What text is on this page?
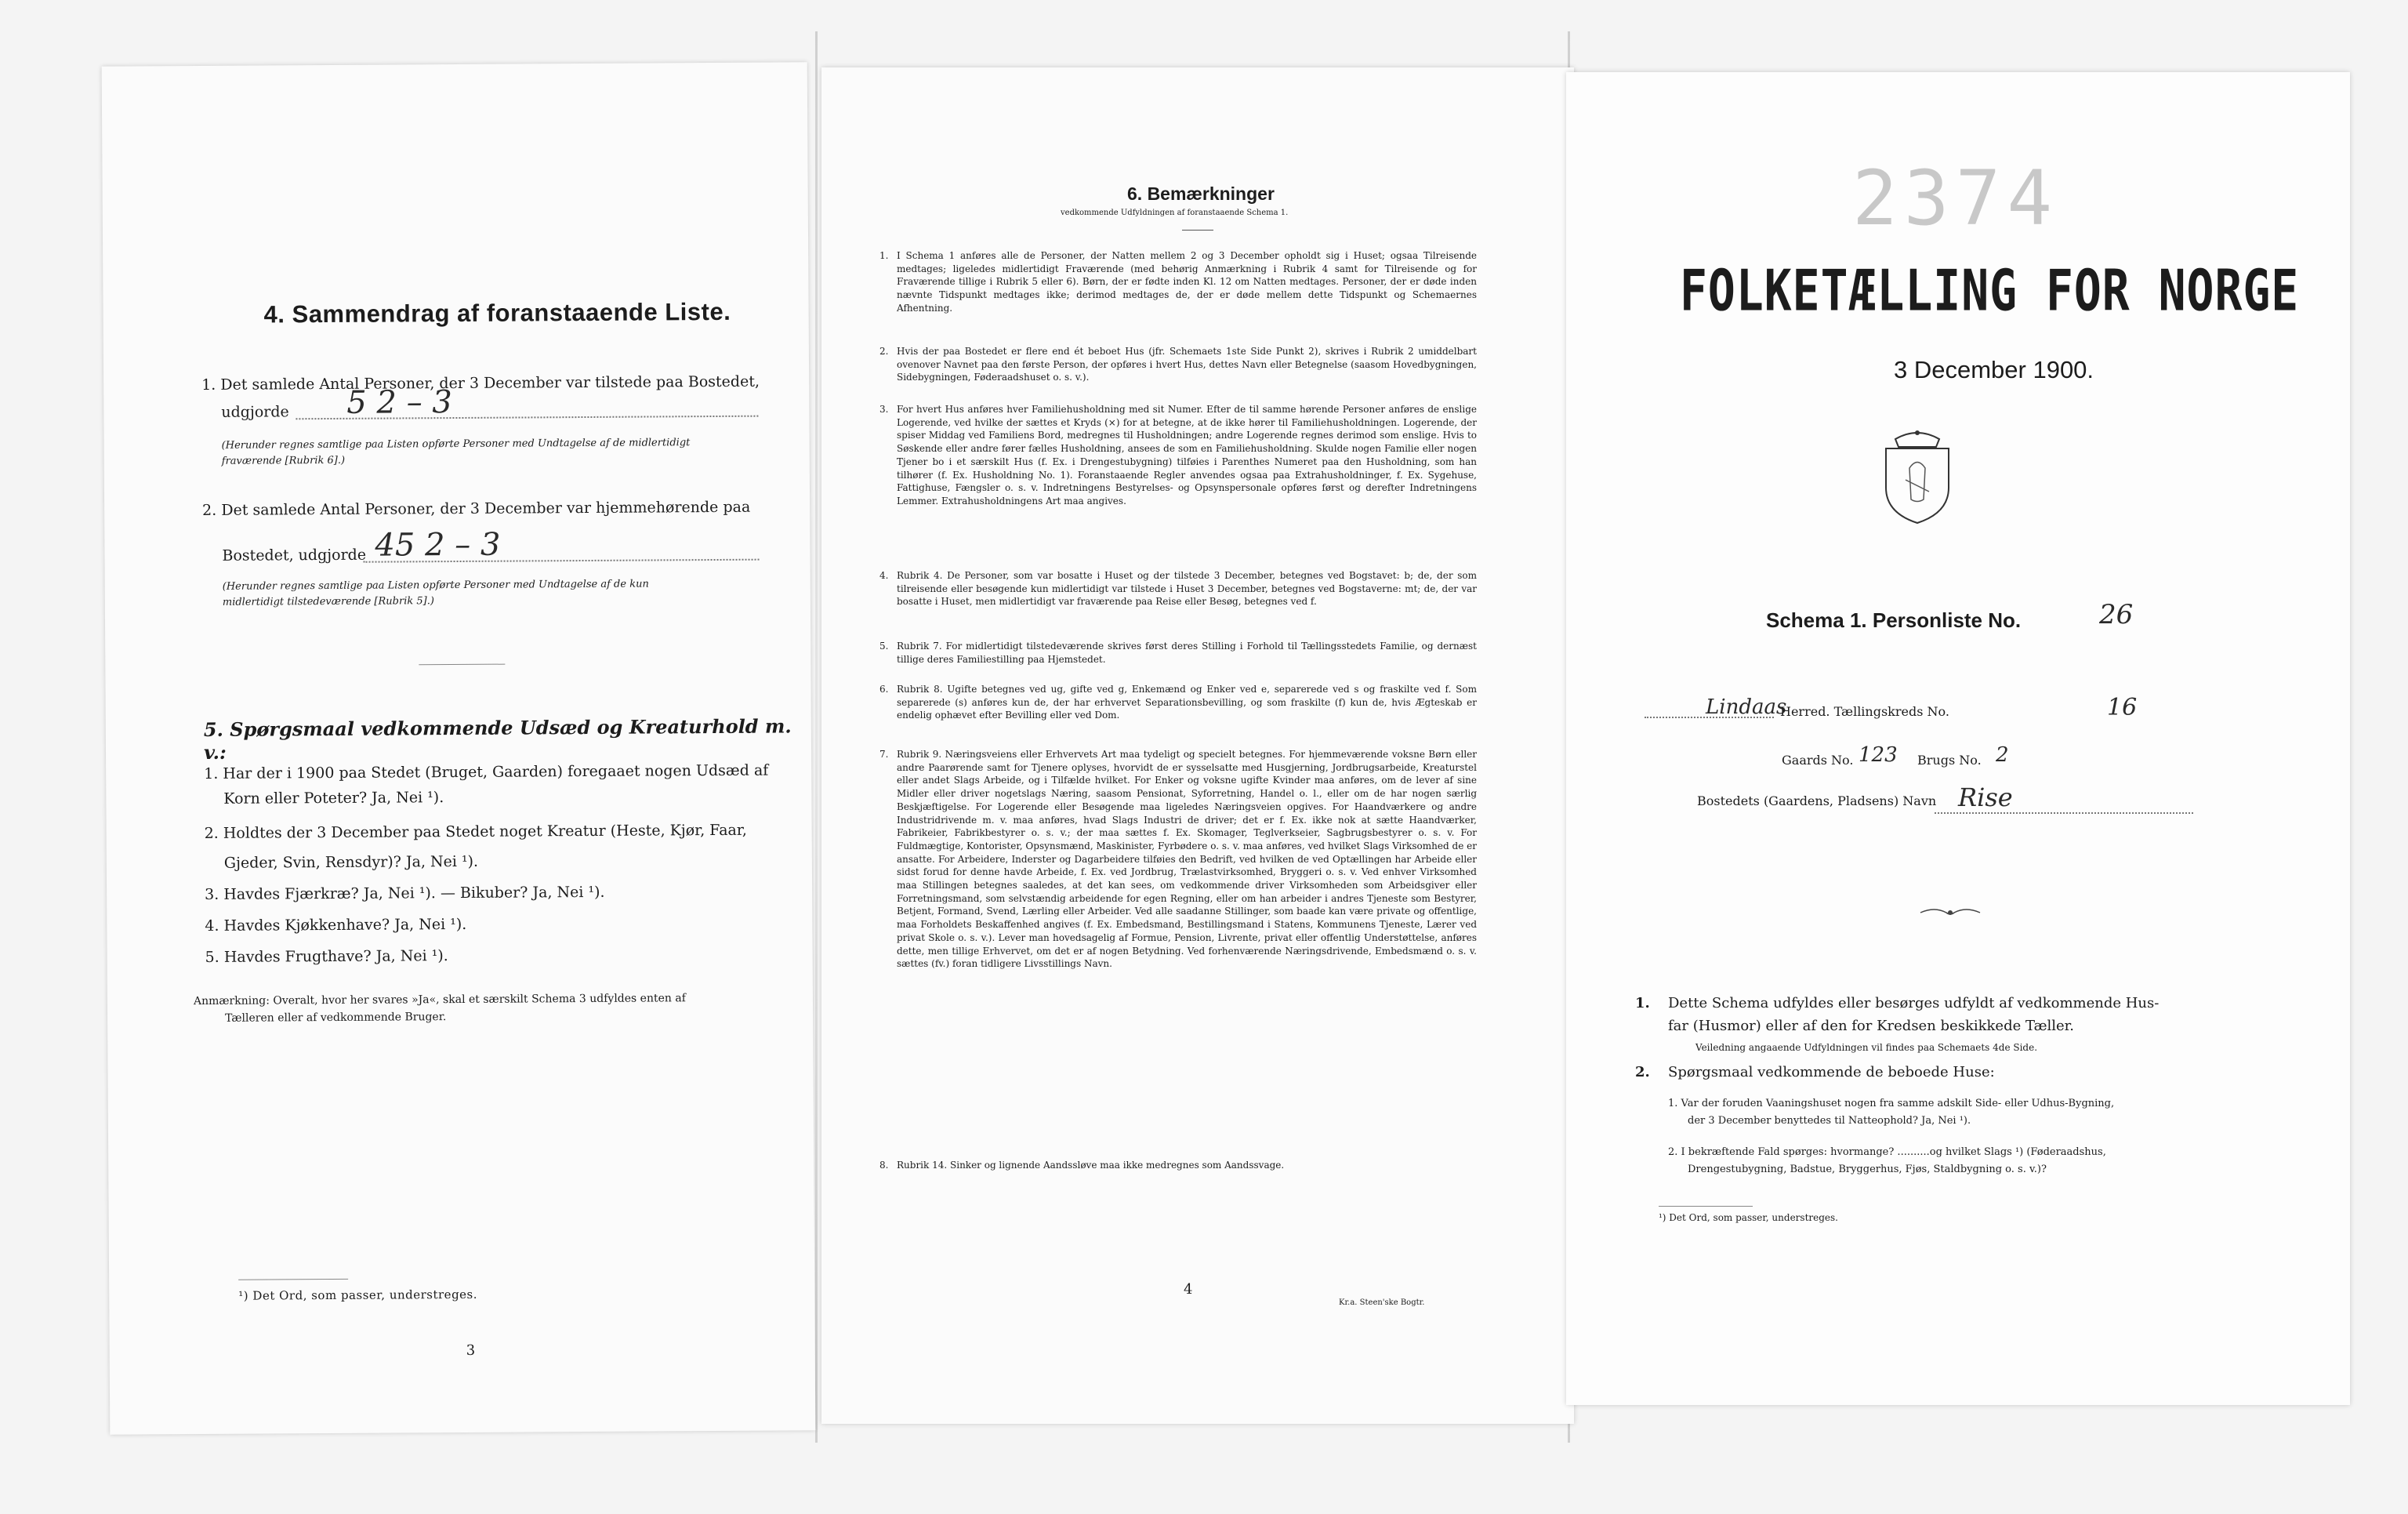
4. Sammendrag af foranstaaende Liste.
1. Det samlede Antal Personer, der 3 December var tilstede paa Bostedet,
udgjorde 5 2 – 3
(Herunder regnes samtlige paa Listen opførte Personer med Undtagelse af de midlertidigt
fraværende [Rubrik 6].)
2. Det samlede Antal Personer, der 3 December var hjemmehørende paa
Bostedet, udgjorde 45 2 – 3
(Herunder regnes samtlige paa Listen opførte Personer med Undtagelse af de kun
midlertidigt tilstedeværende [Rubrik 5].)
5. Spørgsmaal vedkommende Udsæd og Kreaturhold m. v.:
1. Har der i 1900 paa Stedet (Bruget, Gaarden) foregaaet nogen Udsæd af
Korn eller Poteter? Ja, Nei ¹).
2. Holdtes der 3 December paa Stedet noget Kreatur (Heste, Kjør, Faar,
Gjeder, Svin, Rensdyr)? Ja, Nei ¹).
3. Havdes Fjærkræ? Ja, Nei ¹). — Bikuber? Ja, Nei ¹).
4. Havdes Kjøkkenhave? Ja, Nei ¹).
5. Havdes Frugthave? Ja, Nei ¹).
Anmærkning: Overalt, hvor her svares »Ja«, skal et særskilt Schema 3 udfyldes enten af
Tælleren eller af vedkommende Bruger.
¹) Det Ord, som passer, understreges.
3
6. Bemærkninger
vedkommende Udfyldningen af foranstaaende Schema 1.
1. I Schema 1 anføres alle de Personer, der Natten mellem 2 og 3 December opholdt sig i Huset; ogsaa Tilreisende medtages; ligeledes midlertidigt Fraværende (med behørig Anmærkning i Rubrik 4 samt for Tilreisende og for Fraværende tillige i Rubrik 5 eller 6). Børn, der er fødte inden Kl. 12 om Natten medtages. Personer, der er døde inden nævnte Tidspunkt medtages ikke; derimod medtages de, der er døde mellem dette Tidspunkt og Schemaernes Afhentning.
2. Hvis der paa Bostedet er flere end ét beboet Hus (jfr. Schemaets 1ste Side Punkt 2), skrives i Rubrik 2 umiddelbart ovenover Navnet paa den første Person, der opføres i hvert Hus, dettes Navn eller Betegnelse (saasom Hovedbygningen, Sidebygningen, Føderaadshuset o. s. v.).
3. For hvert Hus anføres hver Familiehusholdning med sit Numer. Efter de til samme hørende Personer anføres de enslige Logerende, ved hvilke der sættes et Kryds (×) for at betegne, at de ikke hører til Familiehusholdningen. Logerende, der spiser Middag ved Familiens Bord, medregnes til Husholdningen; andre Logerende regnes derimod som enslige. Hvis to Søskende eller andre fører fælles Husholdning, ansees de som en Familiehusholdning. Skulde nogen Familie eller nogen Tjener bo i et særskilt Hus (f. Ex. i Drengestubygning) tilføies i Parenthes Numeret paa den Husholdning, som han tilhører (f. Ex. Husholdning No. 1). Foranstaaende Regler anvendes ogsaa paa Extrahusholdninger, f. Ex. Sygehuse, Fattighuse, Fængsler o. s. v. Indretningens Bestyrelses- og Opsynspersonale opføres først og derefter Indretningens Lemmer. Extrahusholdningens Art maa angives.
4. Rubrik 4. De Personer, som var bosatte i Huset og der tilstede 3 December, betegnes ved Bogstavet: b; de, der som tilreisende eller besøgende kun midlertidigt var tilstede i Huset 3 December, betegnes ved Bogstaverne: mt; de, der var bosatte i Huset, men midlertidigt var fraværende paa Reise eller Besøg, betegnes ved f.
5. Rubrik 7. For midlertidigt tilstedeværende skrives først deres Stilling i Forhold til Tællingsstedets Familie, og dernæst tillige deres Familiestilling paa Hjemstedet.
6. Rubrik 8. Ugifte betegnes ved ug, gifte ved g, Enkemænd og Enker ved e, separerede ved s og fraskilte ved f. Som separerede (s) anføres kun de, der har erhvervet Separationsbevilling, og som fraskilte (f) kun de, hvis Ægteskab er endelig ophævet efter Bevilling eller ved Dom.
7. Rubrik 9. Næringsveiens eller Erhvervets Art maa tydeligt og specielt betegnes. For hjemmeværende voksne Børn eller andre Paarørende samt for Tjenere oplyses, hvorvidt de er sysselsatte med Husgjerning, Jordbrugsarbeide, Kreaturstel eller andet Slags Arbeide, og i Tilfælde hvilket. For Enker og voksne ugifte Kvinder maa anføres, om de lever af sine Midler eller driver nogetslags Næring, saasom Pensionat, Syforretning, Handel o. l., eller om de har nogen særlig Beskjæftigelse. For Logerende eller Besøgende maa ligeledes Næringsveien opgives. For Haandværkere og andre Industridrivende m. v. maa anføres, hvad Slags Industri de driver; det er f. Ex. ikke nok at sætte Haandværker, Fabrikeier, Fabrikbestyrer o. s. v.; der maa sættes f. Ex. Skomager, Teglverkseier, Sagbrugsbestyrer o. s. v. For Fuldmægtige, Kontorister, Opsynsmænd, Maskinister, Fyrbødere o. s. v. maa anføres, ved hvilket Slags Virksomhed de er ansatte. For Arbeidere, Inderster og Dagarbeidere tilføies den Bedrift, ved hvilken de ved Optællingen har Arbeide eller sidst forud for denne havde Arbeide, f. Ex. ved Jordbrug, Trælastvirksomhed, Bryggeri o. s. v. Ved enhver Virksomhed maa Stillingen betegnes saaledes, at det kan sees, om vedkommende driver Virksomheden som Arbeidsgiver eller Forretningsmand, som selvstændig arbeidende for egen Regning, eller om han arbeider i andres Tjeneste som Bestyrer, Betjent, Formand, Svend, Lærling eller Arbeider. Ved alle saadanne Stillinger, som baade kan være private og offentlige, maa Forholdets Beskaffenhed angives (f. Ex. Embedsmand, Bestillingsmand i Statens, Kommunens Tjeneste, Lærer ved privat Skole o. s. v.). Lever man hovedsagelig af Formue, Pension, Livrente, privat eller offentlig Understøttelse, anføres dette, men tillige Erhvervet, om det er af nogen Betydning. Ved forhenværende Næringsdrivende, Embedsmænd o. s. v. sættes (fv.) foran tidligere Livsstillings Navn.
8. Rubrik 14. Sinker og lignende Aandssløve maa ikke medregnes som Aandssvage.
4
Kr.a. Steen'ske Bogtr.
2374
FOLKETÆLLING FOR NORGE
3 December 1900.
Schema 1. Personliste No.	26
Lindaas
Herred. Tællingskreds No.	16
Gaards No. 123 Brugs No. 2
Bostedets (Gaardens, Pladsens) Navn Rise
1. Dette Schema udfyldes eller besørges udfyldt af vedkommende Hus-
far (Husmor) eller af den for Kredsen beskikkede Tæller.
Veiledning angaaende Udfyldningen vil findes paa Schemaets 4de Side.
2. Spørgsmaal vedkommende de beboede Huse:
1. Var der foruden Vaaningshuset nogen fra samme adskilt Side- eller Udhus-Bygning,
der 3 December benyttedes til Natteophold? Ja, Nei ¹).
2. I bekræftende Fald spørges: hvormange? ..........og hvilket Slags ¹) (Føderaadshus,
Drengestubygning, Badstue, Bryggerhus, Fjøs, Staldbygning o. s. v.)?
¹) Det Ord, som passer, understreges.
